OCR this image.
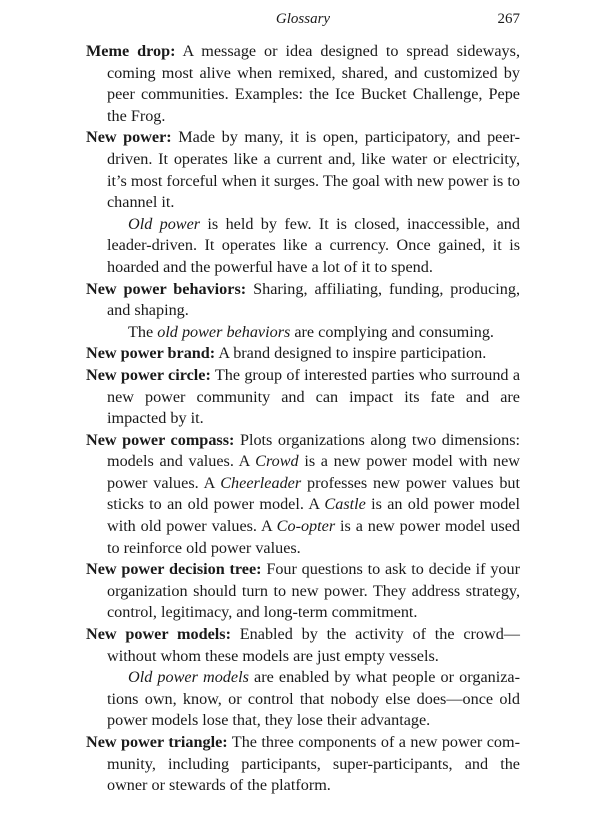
Glossary	267

Meme drop: A message or idea designed to spread sideways, coming most alive when remixed, shared, and customized by peer communities. Examples: the Ice Bucket Challenge, Pepe the Frog.

New power: Made by many, it is open, participatory, and peer-driven. It operates like a current and, like water or electricity, it’s most forceful when it surges. The goal with new power is to channel it.

Old power is held by few. It is closed, inaccessible, and leader-driven. It operates like a currency. Once gained, it is hoarded and the powerful have a lot of it to spend.

New power behaviors: Sharing, affiliating, funding, producing, and shaping.

The old power behaviors are complying and consuming.

New power brand: A brand designed to inspire participation.

New power circle: The group of interested parties who surround a new power community and can impact its fate and are impacted by it.

New power compass: Plots organizations along two dimensions: models and values. A Crowd is a new power model with new power values. A Cheerleader professes new power values but sticks to an old power model. A Castle is an old power model with old power values. A Co-opter is a new power model used to reinforce old power values.

New power decision tree: Four questions to ask to decide if your organization should turn to new power. They address strategy, control, legitimacy, and long-term commitment.

New power models: Enabled by the activity of the crowd—without whom these models are just empty vessels.

Old power models are enabled by what people or organizations own, know, or control that nobody else does—once old power models lose that, they lose their advantage.

New power triangle: The three components of a new power community, including participants, super-participants, and the owner or stewards of the platform.
